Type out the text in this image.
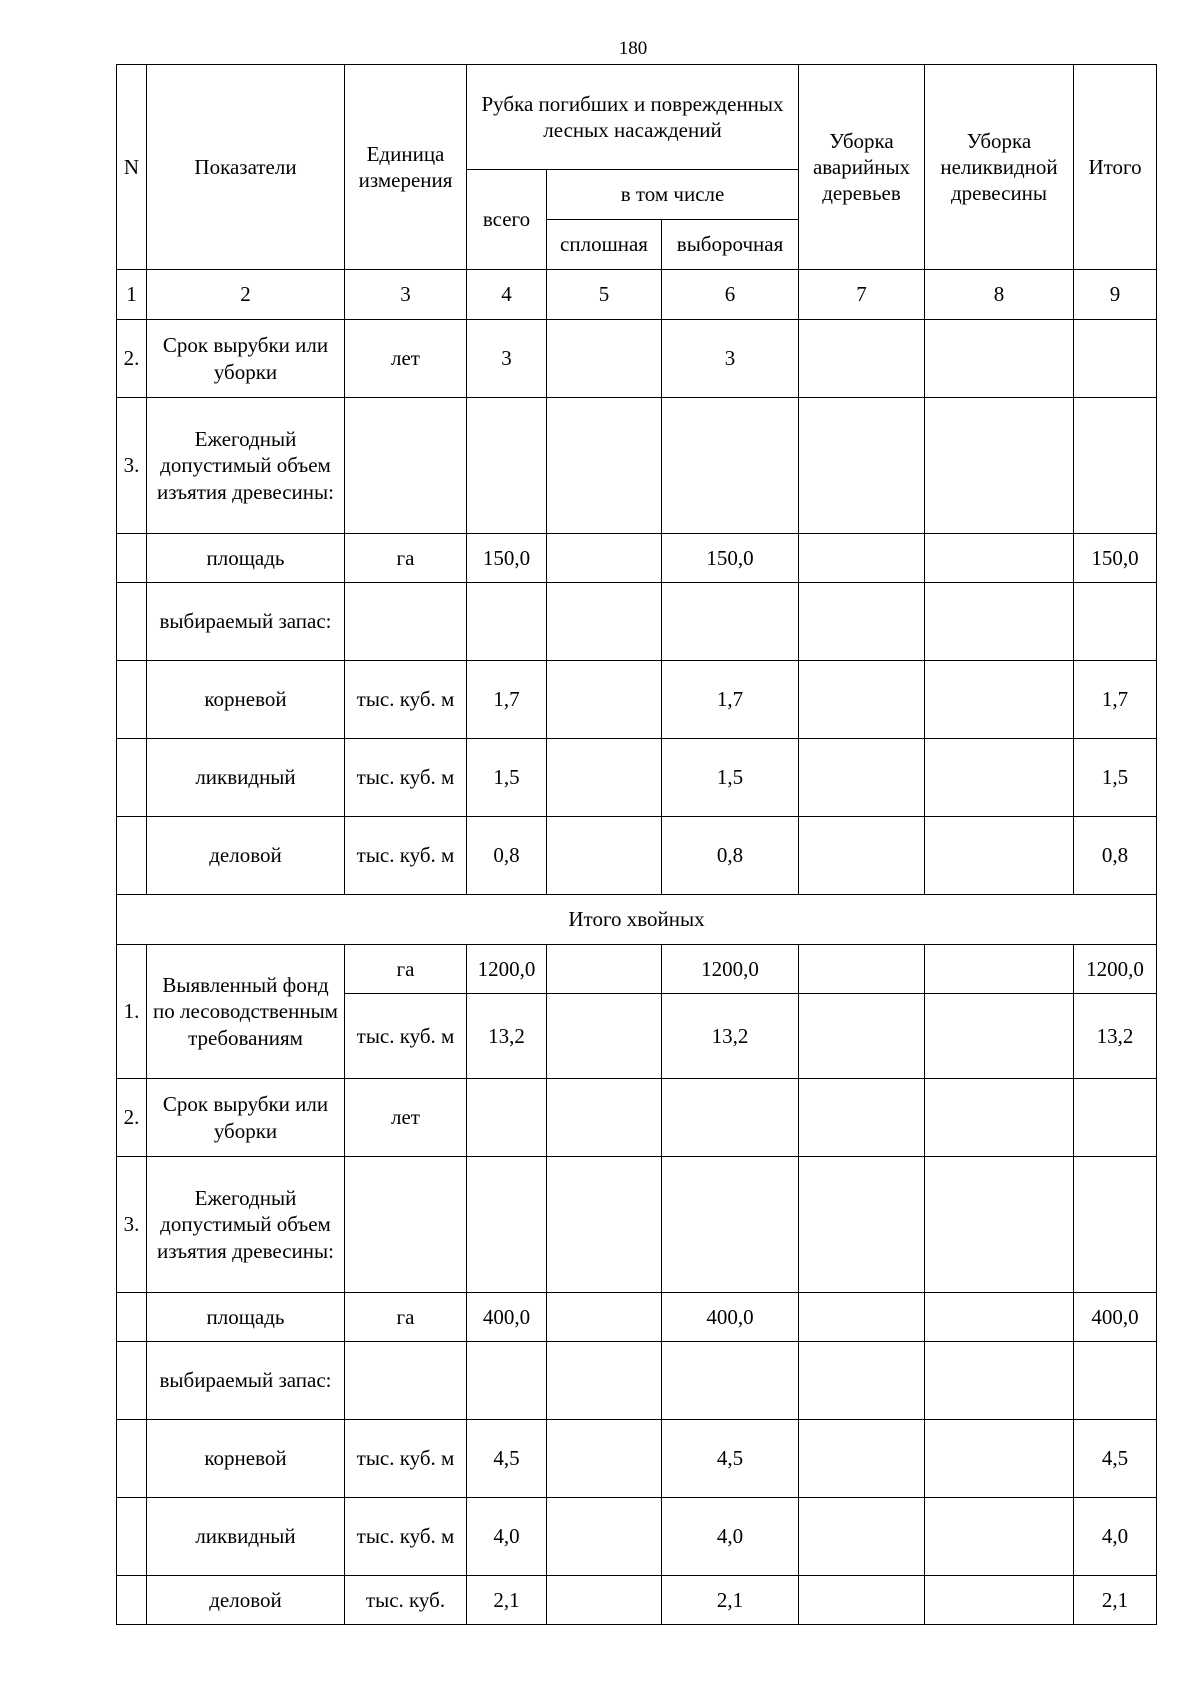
180
N	Показатели	Единица измерения	Рубка погибших и поврежденных лесных насаждений			Уборка аварийных деревьев	Уборка неликвидной древесины	Итого
			всего	в том числе				
				сплошная	выборочная			
1	2	3	4	5	6	7	8	9
2.	Срок вырубки или уборки	лет	3		3			
3.	Ежегодный допустимый объем изъятия древесины:							
	площадь	га	150,0		150,0			150,0
	выбираемый запас:							
	корневой	тыс. куб. м	1,7		1,7			1,7
	ликвидный	тыс. куб. м	1,5		1,5			1,5
	деловой	тыс. куб. м	0,8		0,8			0,8
Итого хвойных								
1.	Выявленный фонд по лесоводственным требованиям	га	1200,0		1200,0			1200,0
		тыс. куб. м	13,2		13,2			13,2
2.	Срок вырубки или уборки	лет						
3.	Ежегодный допустимый объем изъятия древесины:							
	площадь	га	400,0		400,0			400,0
	выбираемый запас:							
	корневой	тыс. куб. м	4,5		4,5			4,5
	ликвидный	тыс. куб. м	4,0		4,0			4,0
	деловой	тыс. куб.	2,1		2,1			2,1
